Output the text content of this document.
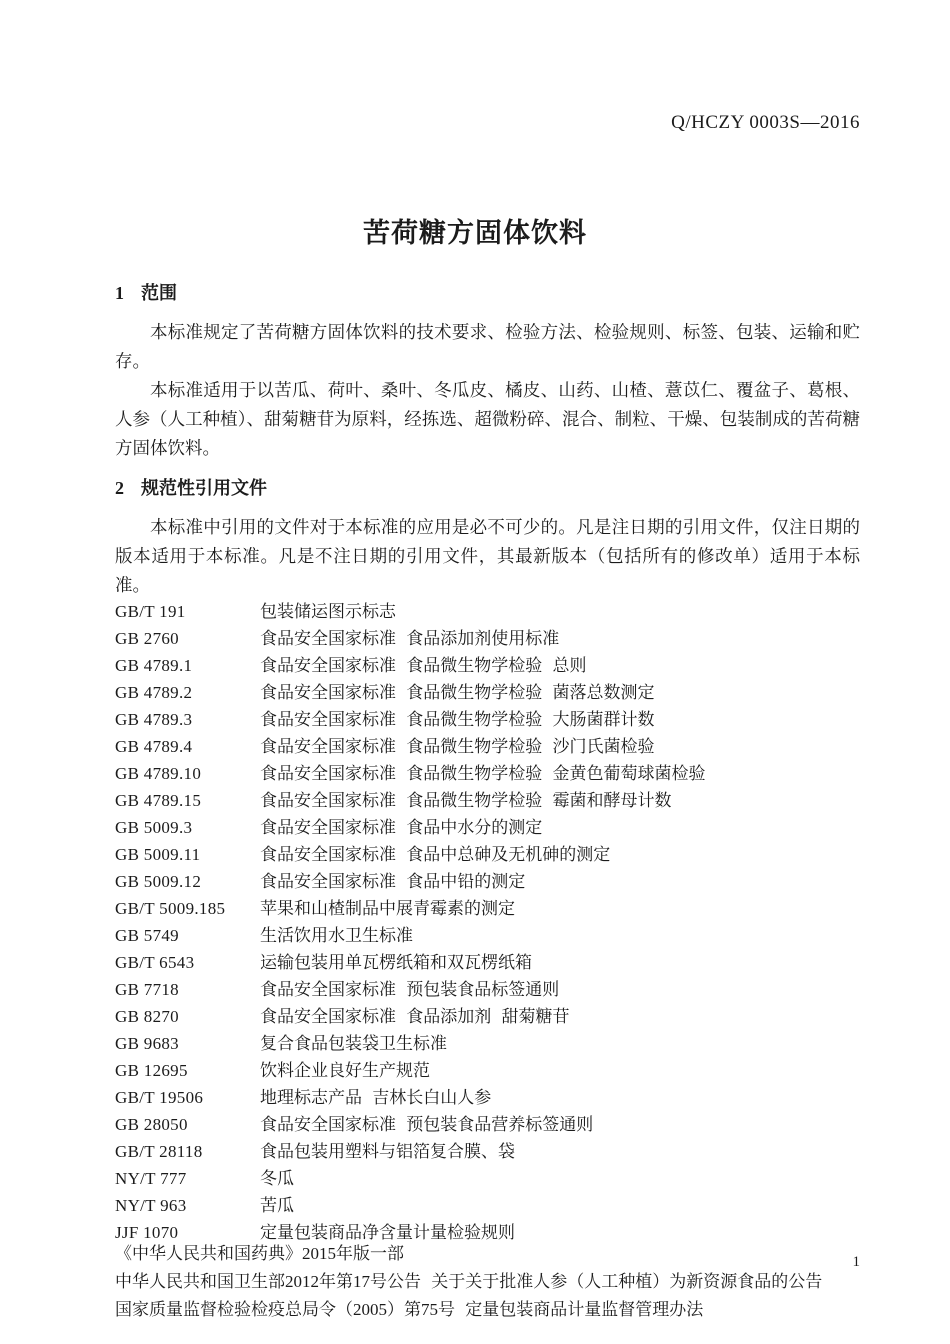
Q/HCZY 0003S—2016
苦荷糖方固体饮料
1 范围

本标准规定了苦荷糖方固体饮料的技术要求、检验方法、检验规则、标签、包装、运输和贮存。

本标准适用于以苦瓜、荷叶、桑叶、冬瓜皮、橘皮、山药、山楂、薏苡仁、覆盆子、葛根、人参（人工种植）、甜菊糖苷为原料，经拣选、超微粉碎、混合、制粒、干燥、包装制成的苦荷糖方固体饮料。

2 规范性引用文件

本标准中引用的文件对于本标准的应用是必不可少的。凡是注日期的引用文件，仅注日期的版本适用于本标准。凡是不注日期的引用文件，其最新版本（包括所有的修改单）适用于本标准。

GB/T 191	包装储运图示标志
GB 2760	食品安全国家标准 食品添加剂使用标准
GB 4789.1	食品安全国家标准 食品微生物学检验 总则
GB 4789.2	食品安全国家标准 食品微生物学检验 菌落总数测定
GB 4789.3	食品安全国家标准 食品微生物学检验 大肠菌群计数
GB 4789.4	食品安全国家标准 食品微生物学检验 沙门氏菌检验
GB 4789.10	食品安全国家标准 食品微生物学检验 金黄色葡萄球菌检验
GB 4789.15	食品安全国家标准 食品微生物学检验 霉菌和酵母计数
GB 5009.3	食品安全国家标准 食品中水分的测定
GB 5009.11	食品安全国家标准 食品中总砷及无机砷的测定
GB 5009.12	食品安全国家标准 食品中铅的测定
GB/T 5009.185	苹果和山楂制品中展青霉素的测定
GB 5749	生活饮用水卫生标准
GB/T 6543	运输包装用单瓦楞纸箱和双瓦楞纸箱
GB 7718	食品安全国家标准 预包装食品标签通则
GB 8270	食品安全国家标准 食品添加剂 甜菊糖苷
GB 9683	复合食品包装袋卫生标准
GB 12695	饮料企业良好生产规范
GB/T 19506	地理标志产品 吉林长白山人参
GB 28050	食品安全国家标准 预包装食品营养标签通则
GB/T 28118	食品包装用塑料与铝箔复合膜、袋
NY/T 777	冬瓜
NY/T 963	苦瓜
JJF 1070	定量包装商品净含量计量检验规则
《中华人民共和国药典》2015年版一部
中华人民共和国卫生部2012年第17号公告 关于关于批准人参（人工种植）为新资源食品的公告
国家质量监督检验检疫总局令（2005）第75号 定量包装商品计量监督管理办法
1
